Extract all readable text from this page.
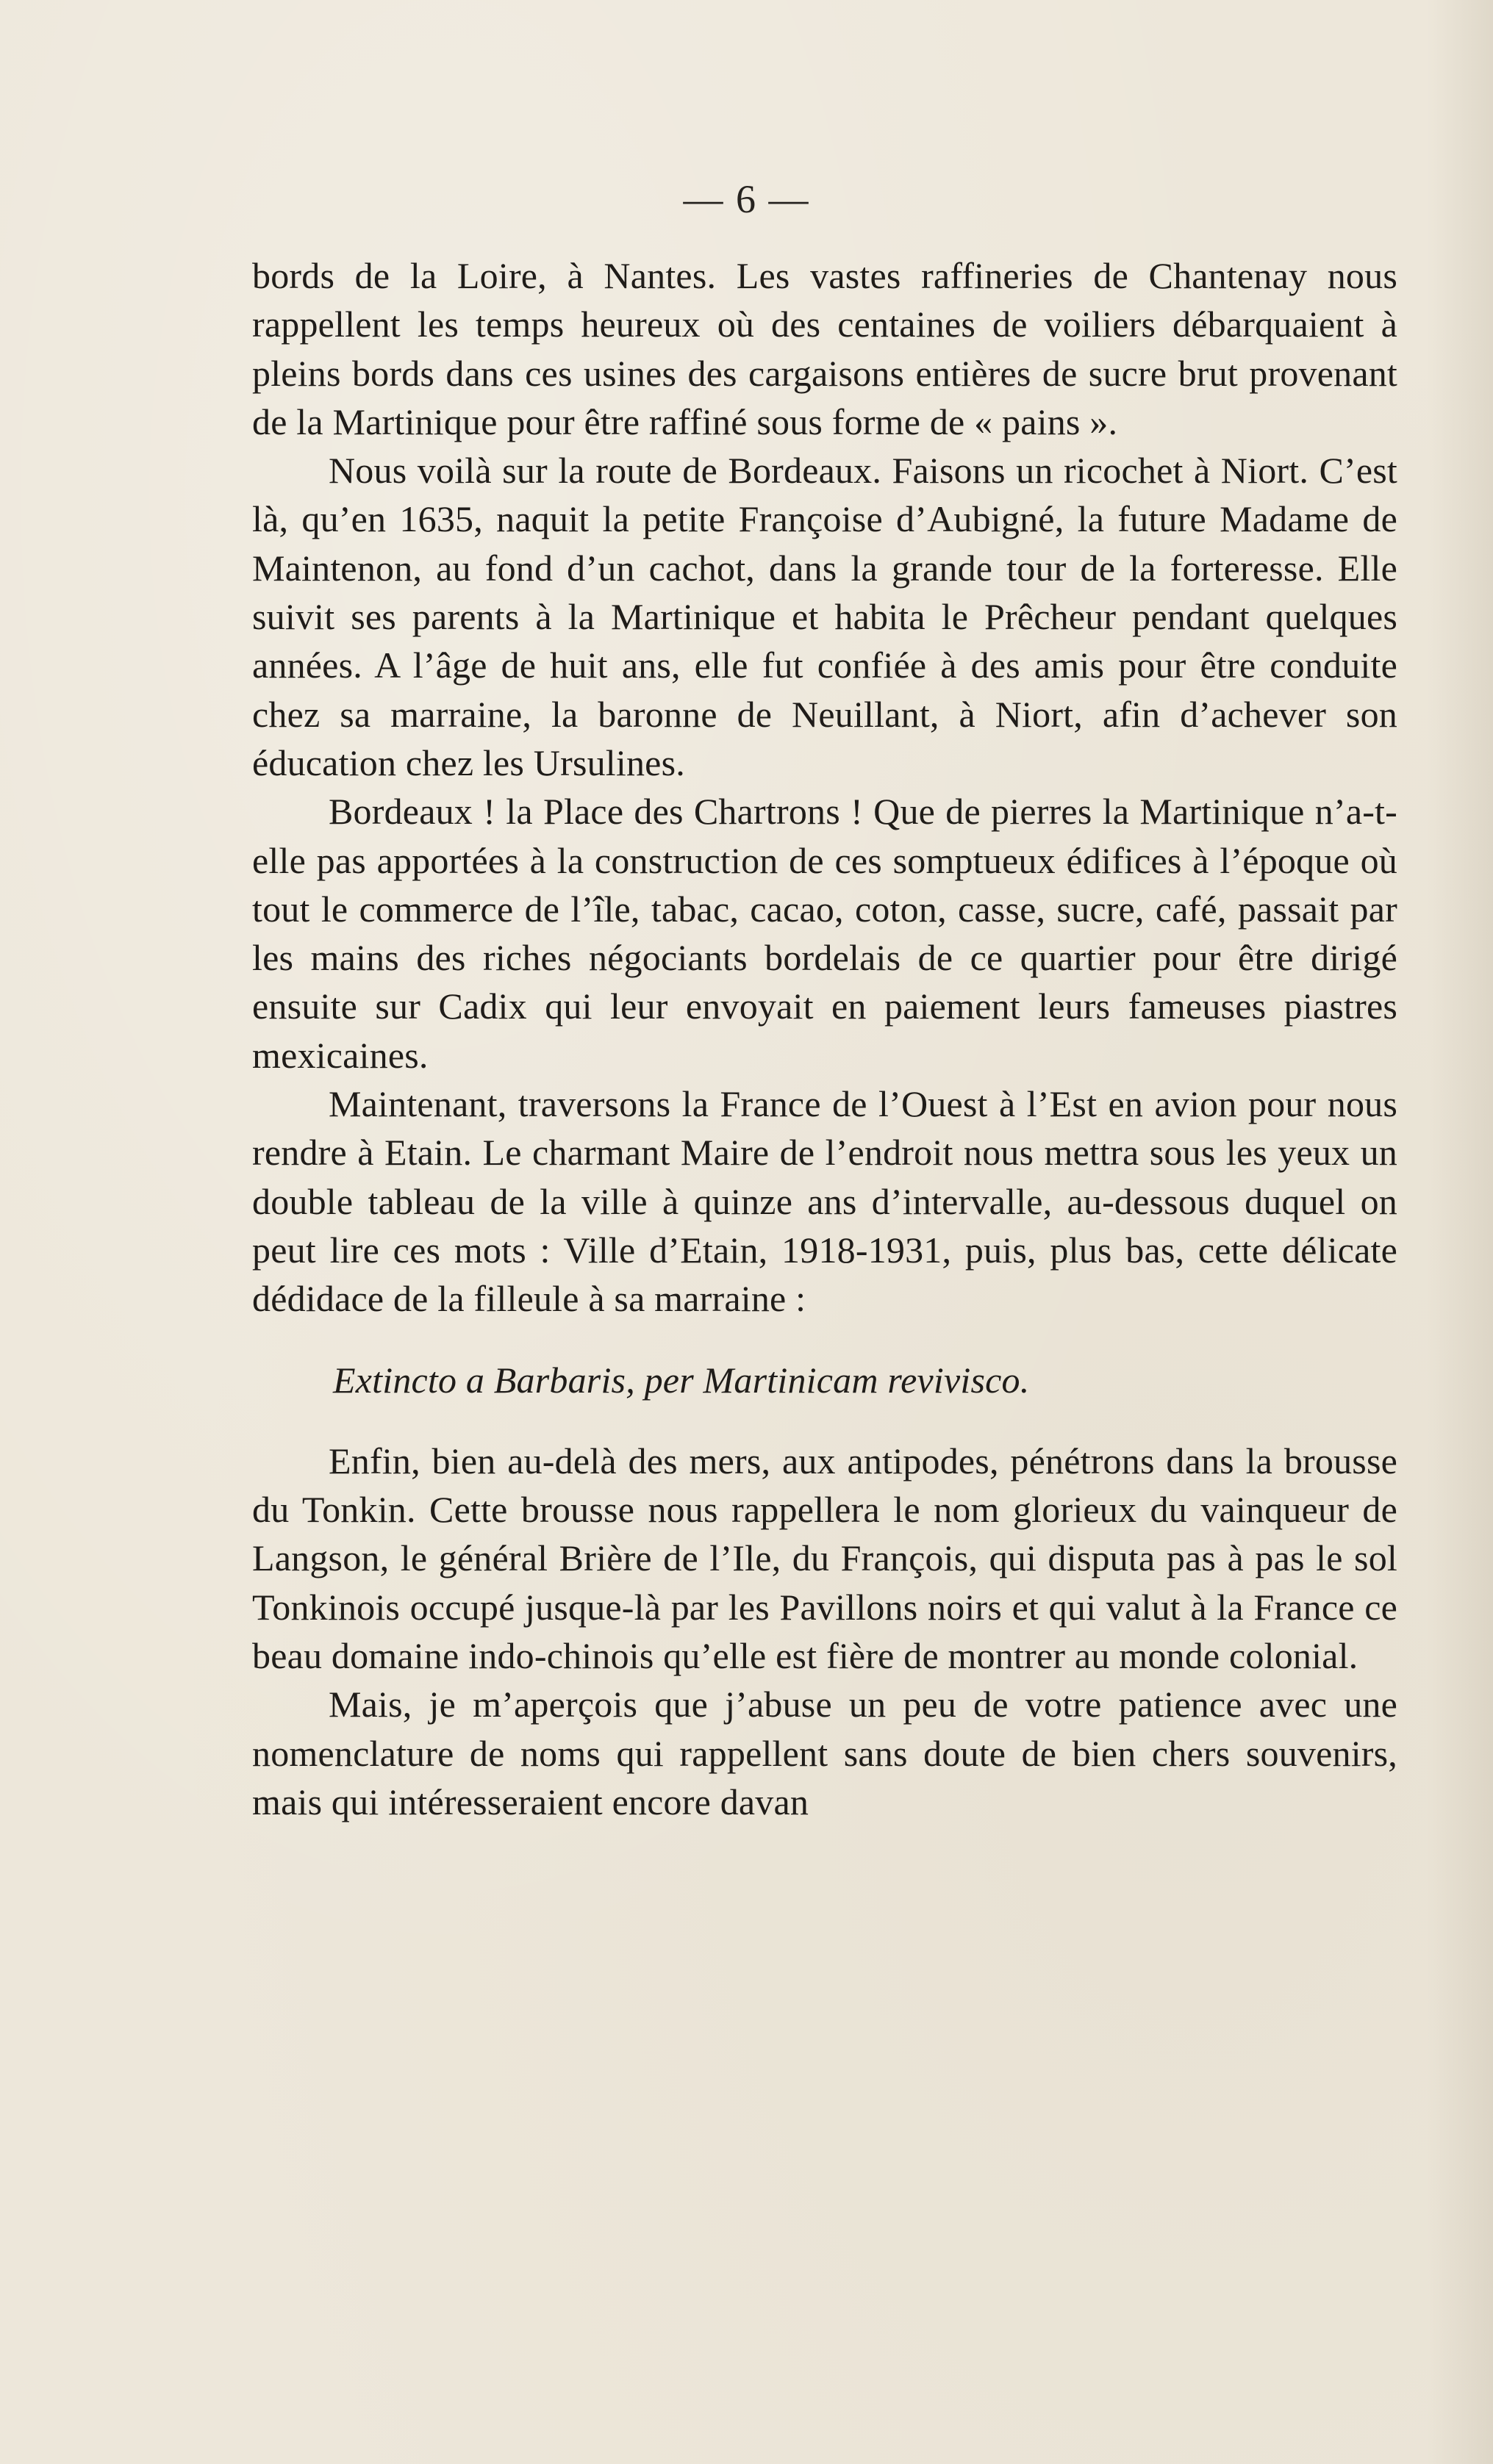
— 6 —

bords de la Loire, à Nantes. Les vastes raffineries de Chantenay nous rappellent les temps heureux où des centaines de voiliers débarquaient à pleins bords dans ces usines des cargaisons entières de sucre brut provenant de la Martinique pour être raffiné sous forme de « pains ».

Nous voilà sur la route de Bordeaux. Faisons un ricochet à Niort. C’est là, qu’en 1635, naquit la petite Françoise d’Aubigné, la future Madame de Maintenon, au fond d’un cachot, dans la grande tour de la forteresse. Elle suivit ses parents à la Martinique et habita le Prêcheur pendant quelques années. A l’âge de huit ans, elle fut confiée à des amis pour être conduite chez sa marraine, la baronne de Neuillant, à Niort, afin d’achever son éducation chez les Ursulines.

Bordeaux ! la Place des Chartrons ! Que de pierres la Martinique n’a-t-elle pas apportées à la construction de ces somptueux édifices à l’époque où tout le commerce de l’île, tabac, cacao, coton, casse, sucre, café, passait par les mains des riches négociants bordelais de ce quartier pour être dirigé ensuite sur Cadix qui leur envoyait en paiement leurs fameuses piastres mexicaines.

Maintenant, traversons la France de l’Ouest à l’Est en avion pour nous rendre à Etain. Le charmant Maire de l’endroit nous mettra sous les yeux un double tableau de la ville à quinze ans d’intervalle, au-dessous duquel on peut lire ces mots : Ville d’Etain, 1918-1931, puis, plus bas, cette délicate dédidace de la filleule à sa marraine :

Extincto a Barbaris, per Martinicam revivisco.

Enfin, bien au-delà des mers, aux antipodes, pénétrons dans la brousse du Tonkin. Cette brousse nous rappellera le nom glorieux du vainqueur de Langson, le général Brière de l’Ile, du François, qui disputa pas à pas le sol Tonkinois occupé jusque-là par les Pavillons noirs et qui valut à la France ce beau domaine indo-chinois qu’elle est fière de montrer au monde colonial.

Mais, je m’aperçois que j’abuse un peu de votre patience avec une nomenclature de noms qui rappellent sans doute de bien chers souvenirs, mais qui intéresseraient encore davan
